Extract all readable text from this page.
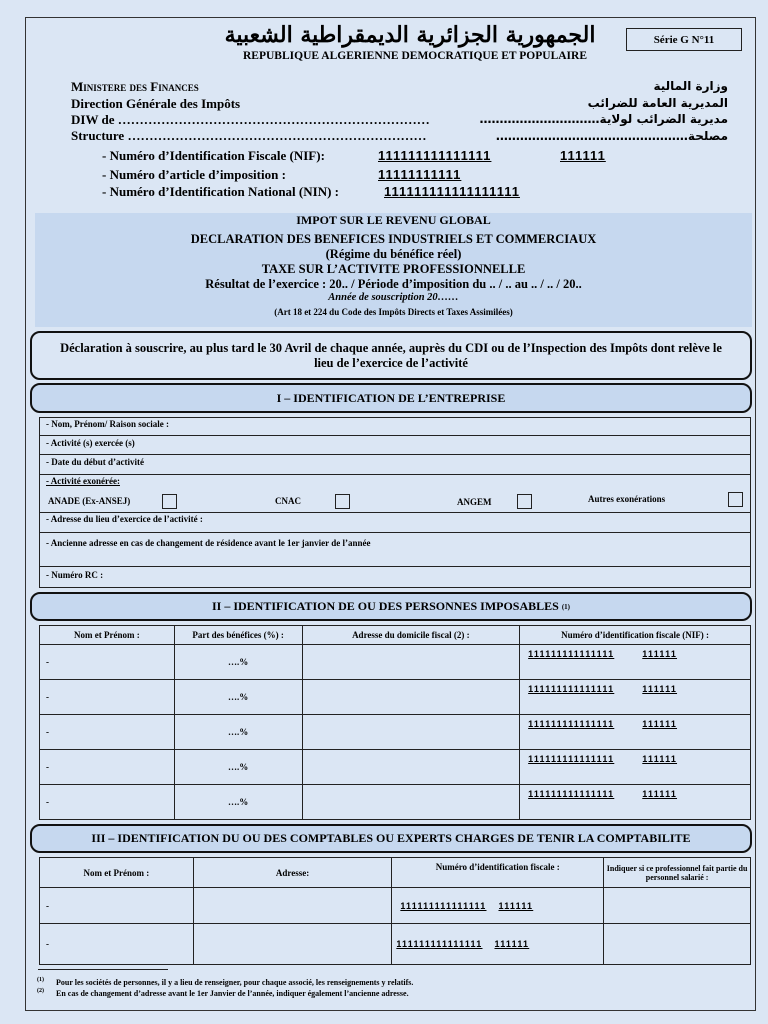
Série G N°11
الجمهورية الجزائرية الديمقراطية الشعبية
REPUBLIQUE ALGERIENNE DEMOCRATIQUE ET POPULAIRE
Ministere des Finances
Direction Générale des Impôts
DIW de ………………………………………………………………
Structure ……………………………………………………………
وزارة المالية
المديرية العامة للضرائب
مديرية الضرائب لولاية…………………………
مصلحة…………………………………………
- Numéro d’Identification Fiscale (NIF):	111111111111111	111111
- Numéro d’article d’imposition :	11111111111
- Numéro d’Identification National (NIN) :	111111111111111111
IMPOT SUR LE REVENU GLOBAL
DECLARATION DES BENEFICES INDUSTRIELS ET COMMERCIAUX
(Régime du bénéfice réel)
TAXE SUR L’ACTIVITE PROFESSIONNELLE
Résultat de l’exercice : 20.. / Période d’imposition du .. / .. au .. / .. / 20..
Année de souscription 20……
(Art 18 et 224 du Code des Impôts Directs et Taxes Assimilées)
Déclaration à souscrire, au plus tard le 30 Avril de chaque année, auprès du CDI ou de l’Inspection des Impôts dont relève le lieu de l’exercice de l’activité
I – IDENTIFICATION DE L’ENTREPRISE
- Nom, Prénom/ Raison sociale :
- Activité (s) exercée (s)
- Date du début d’activité
- Activité exonérée:
ANADE (Ex-ANSEJ)	CNAC	ANGEM	Autres exonérations
- Adresse du lieu d’exercice de l’activité :
- Ancienne adresse en cas de changement de résidence avant le 1er janvier de l’année
- Numéro RC :
II – IDENTIFICATION DE OU DES PERSONNES IMPOSABLES
(1)
Nom et Prénom :	Part des bénéfices (%) :	Adresse du domicile fiscal (2) :	Numéro d’identification fiscale (NIF) :
-	….%		111111111111111 111111
-	….%		111111111111111 111111
-	….%		111111111111111 111111
-	….%		111111111111111 111111
-	….%		111111111111111 111111
III – IDENTIFICATION DU OU DES COMPTABLES OU EXPERTS CHARGES DE TENIR LA COMPTABILITE
Nom et Prénom :	Adresse:	Numéro d’identification fiscale :	Indiquer si ce professionnel fait partie du personnel salarié :
-		111111111111111 111111	
-		111111111111111 111111	
$^{(1)}$ Pour les sociétés de personnes, il y a lieu de renseigner, pour chaque associé, les renseignements y relatifs.
$^{(2)}$ En cas de changement d’adresse avant le 1er Janvier de l’année, indiquer également l’ancienne adresse.
